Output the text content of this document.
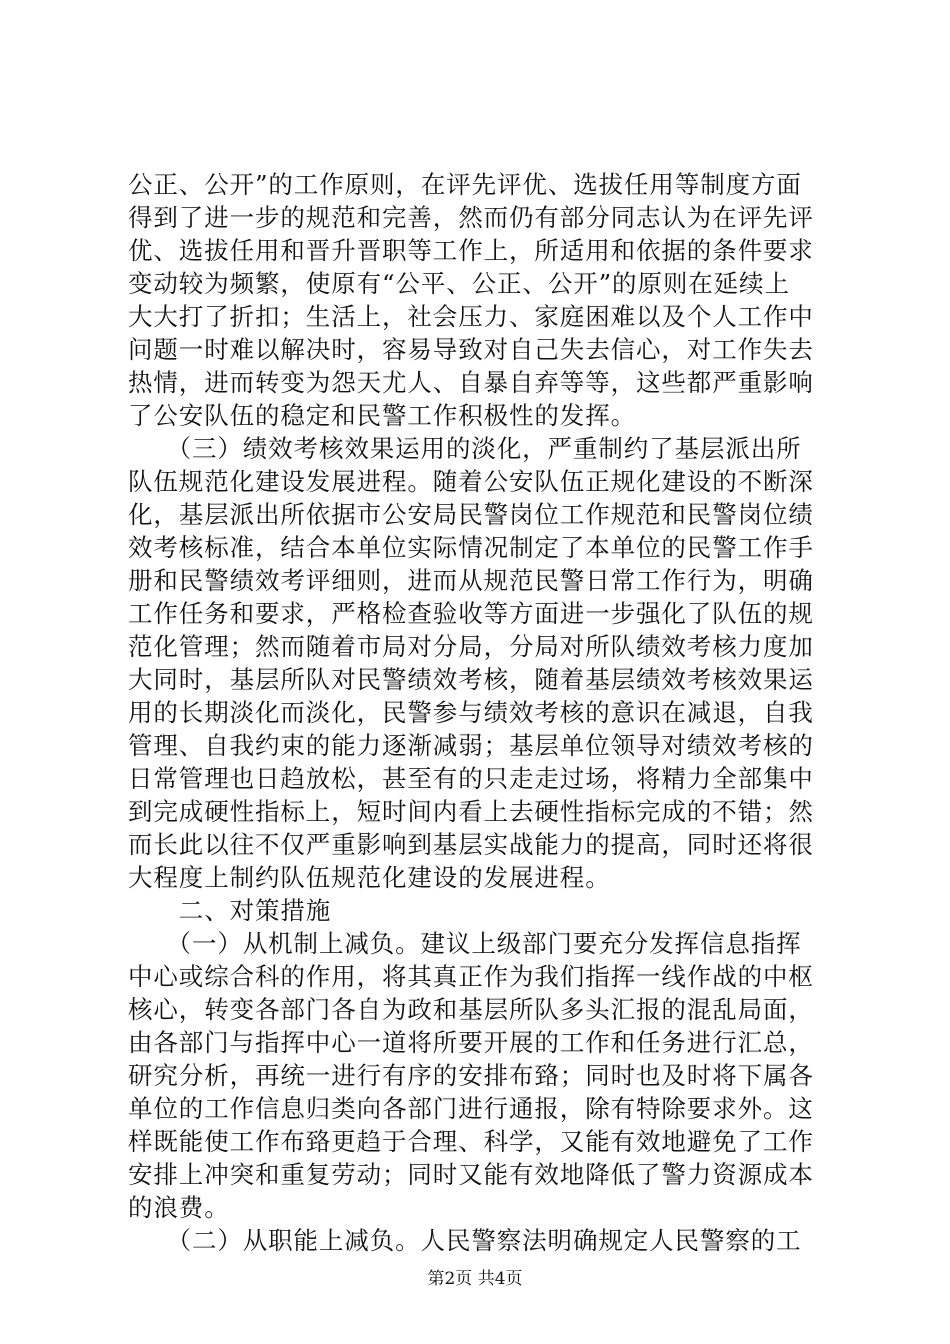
公正、公开”的工作原则，在评先评优、选拔任用等制度方面
得到了进一步的规范和完善，然而仍有部分同志认为在评先评
优、选拔任用和晋升晋职等工作上，所适用和依据的条件要求
变动较为频繁，使原有“公平、公正、公开”的原则在延续上
大大打了折扣；生活上，社会压力、家庭困难以及个人工作中
问题一时难以解决时，容易导致对自己失去信心，对工作失去
热情，进而转变为怨天尤人、自暴自弃等等，这些都严重影响
了公安队伍的稳定和民警工作积极性的发挥。
　　（三）绩效考核效果运用的淡化，严重制约了基层派出所
队伍规范化建设发展进程。随着公安队伍正规化建设的不断深
化，基层派出所依据市公安局民警岗位工作规范和民警岗位绩
效考核标准，结合本单位实际情况制定了本单位的民警工作手
册和民警绩效考评细则，进而从规范民警日常工作行为，明确
工作任务和要求，严格检查验收等方面进一步强化了队伍的规
范化管理；然而随着市局对分局，分局对所队绩效考核力度加
大同时，基层所队对民警绩效考核，随着基层绩效考核效果运
用的长期淡化而淡化，民警参与绩效考核的意识在减退，自我
管理、自我约束的能力逐渐减弱；基层单位领导对绩效考核的
日常管理也日趋放松，甚至有的只走走过场，将精力全部集中
到完成硬性指标上，短时间内看上去硬性指标完成的不错；然
而长此以往不仅严重影响到基层实战能力的提高，同时还将很
大程度上制约队伍规范化建设的发展进程。
　　二、对策措施
　　（一）从机制上减负。建议上级部门要充分发挥信息指挥
中心或综合科的作用，将其真正作为我们指挥一线作战的中枢
核心，转变各部门各自为政和基层所队多头汇报的混乱局面，
由各部门与指挥中心一道将所要开展的工作和任务进行汇总，
研究分析，再统一进行有序的安排布臵；同时也及时将下属各
单位的工作信息归类向各部门进行通报，除有特除要求外。这
样既能使工作布臵更趋于合理、科学，又能有效地避免了工作
安排上冲突和重复劳动；同时又能有效地降低了警力资源成本
的浪费。
　　（二）从职能上减负。人民警察法明确规定人民警察的工
第2页 共4页
